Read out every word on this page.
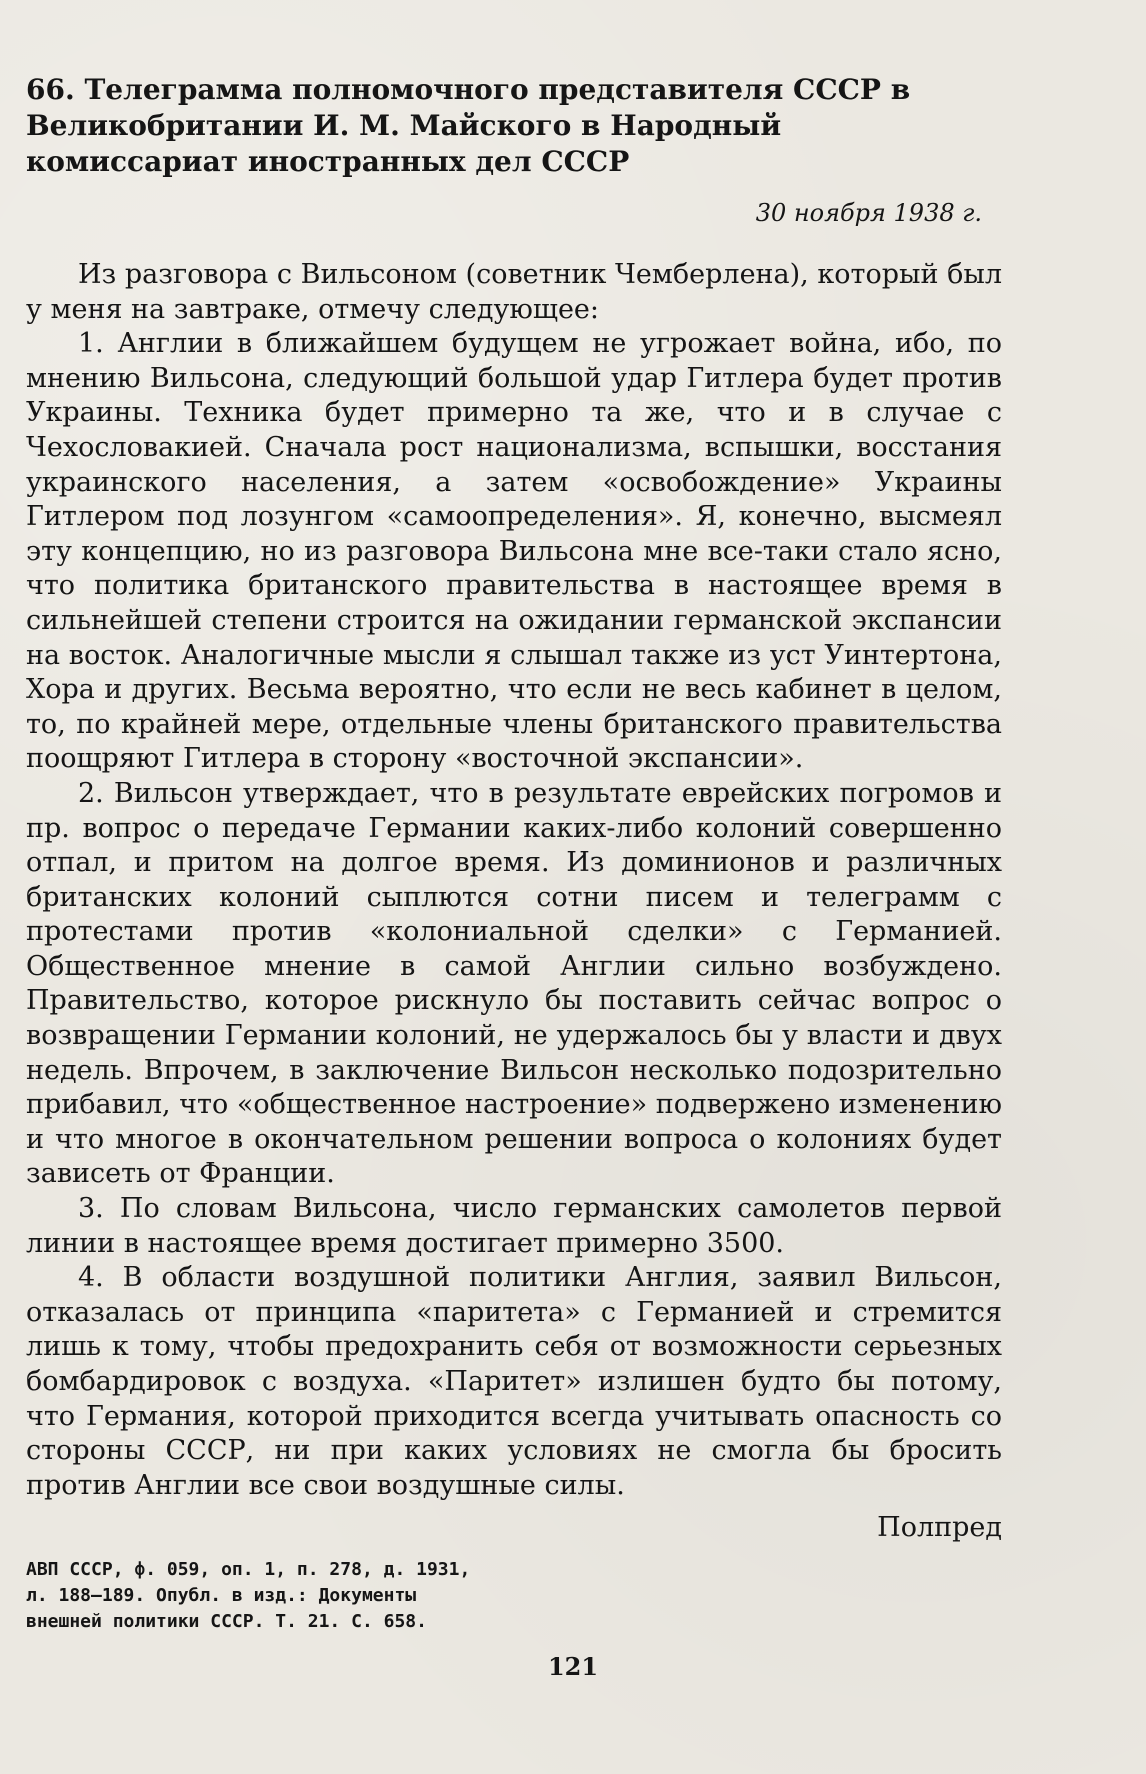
66. Телеграмма полномочного представителя СССР в Великобритании И. М. Майского в Народный комиссариат иностранных дел СССР
30 ноября 1938 г.

Из разговора с Вильсоном (советник Чемберлена), который был у меня на завтраке, отмечу следующее:

1. Англии в ближайшем будущем не угрожает война, ибо, по мнению Вильсона, следующий большой удар Гитлера будет против Украины. Техника будет примерно та же, что и в случае с Чехословакией. Сначала рост национализма, вспышки, восстания украинского населения, а затем «освобождение» Украины Гитлером под лозунгом «самоопределения». Я, конечно, высмеял эту концепцию, но из разговора Вильсона мне все-таки стало ясно, что политика британского правительства в настоящее время в сильнейшей степени строится на ожидании германской экспансии на восток. Аналогичные мысли я слышал также из уст Уинтертона, Хора и других. Весьма вероятно, что если не весь кабинет в целом, то, по крайней мере, отдельные члены британского правительства поощряют Гитлера в сторону «восточной экспансии».

2. Вильсон утверждает, что в результате еврейских погромов и пр. вопрос о передаче Германии каких-либо колоний совершенно отпал, и притом на долгое время. Из доминионов и различных британских колоний сыплются сотни писем и телеграмм с протестами против «колониальной сделки» с Германией. Общественное мнение в самой Англии сильно возбуждено. Правительство, которое рискнуло бы поставить сейчас вопрос о возвращении Германии колоний, не удержалось бы у власти и двух недель. Впрочем, в заключение Вильсон несколько подозрительно прибавил, что «общественное настроение» подвержено изменению и что многое в окончательном решении вопроса о колониях будет зависеть от Франции.

3. По словам Вильсона, число германских самолетов первой линии в настоящее время достигает примерно 3500.

4. В области воздушной политики Англия, заявил Вильсон, отказалась от принципа «паритета» с Германией и стремится лишь к тому, чтобы предохранить себя от возможности серьезных бомбардировок с воздуха. «Паритет» излишен будто бы потому, что Германия, которой приходится всегда учитывать опасность со стороны СССР, ни при каких условиях не смогла бы бросить против Англии все свои воздушные силы.

Полпред
АВП СССР, ф. 059, оп. 1, п. 278, д. 1931,
л. 188—189. Опубл. в изд.: Документы
внешней политики СССР. Т. 21. С. 658.
121
